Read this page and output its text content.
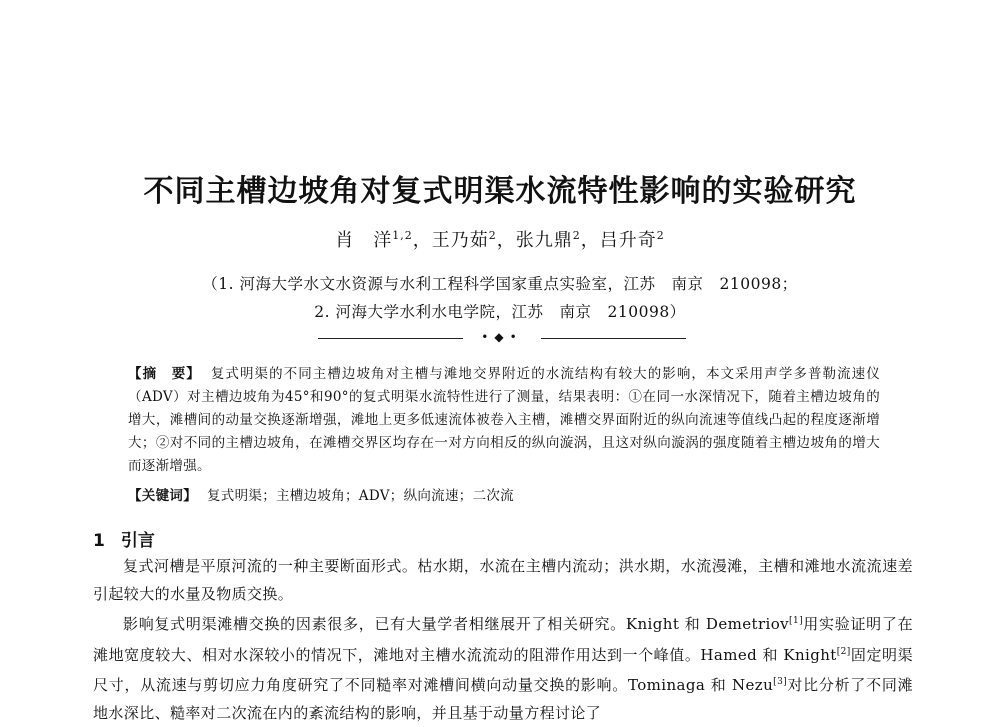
不同主槽边坡角对复式明渠水流特性影响的实验研究
肖　洋$^{1,2}$，王乃茹$^2$，张九鼎$^2$，吕升奇$^2$
（1. 河海大学水文水资源与水利工程科学国家重点实验室，江苏　南京　210098；
2. 河海大学水利水电学院，江苏　南京　210098）
•◆•
【摘　要】 复式明渠的不同主槽边坡角对主槽与滩地交界附近的水流结构有较大的影响，本文采用声学多普勒流速仪（ADV）对主槽边坡角为45°和90°的复式明渠水流特性进行了测量，结果表明：①在同一水深情况下，随着主槽边坡角的增大，滩槽间的动量交换逐渐增强，滩地上更多低速流体被卷入主槽，滩槽交界面附近的纵向流速等值线凸起的程度逐渐增大；②对不同的主槽边坡角，在滩槽交界区均存在一对方向相反的纵向漩涡，且这对纵向漩涡的强度随着主槽边坡角的增大而逐渐增强。
【关键词】 复式明渠；主槽边坡角；ADV；纵向流速；二次流
1 引言

复式河槽是平原河流的一种主要断面形式。枯水期，水流在主槽内流动；洪水期，水流漫滩，主槽和滩地水流流速差引起较大的水量及物质交换。

影响复式明渠滩槽交换的因素很多，已有大量学者相继展开了相关研究。Knight 和 Demetriov[1]用实验证明了在滩地宽度较大、相对水深较小的情况下，滩地对主槽水流流动的阻滞作用达到一个峰值。Hamed 和 Knight[2]固定明渠尺寸，从流速与剪切应力角度研究了不同糙率对滩槽间横向动量交换的影响。Tominaga 和 Nezu[3]对比分析了不同滩地水深比、糙率对二次流在内的紊流结构的影响，并且基于动量方程讨论了
